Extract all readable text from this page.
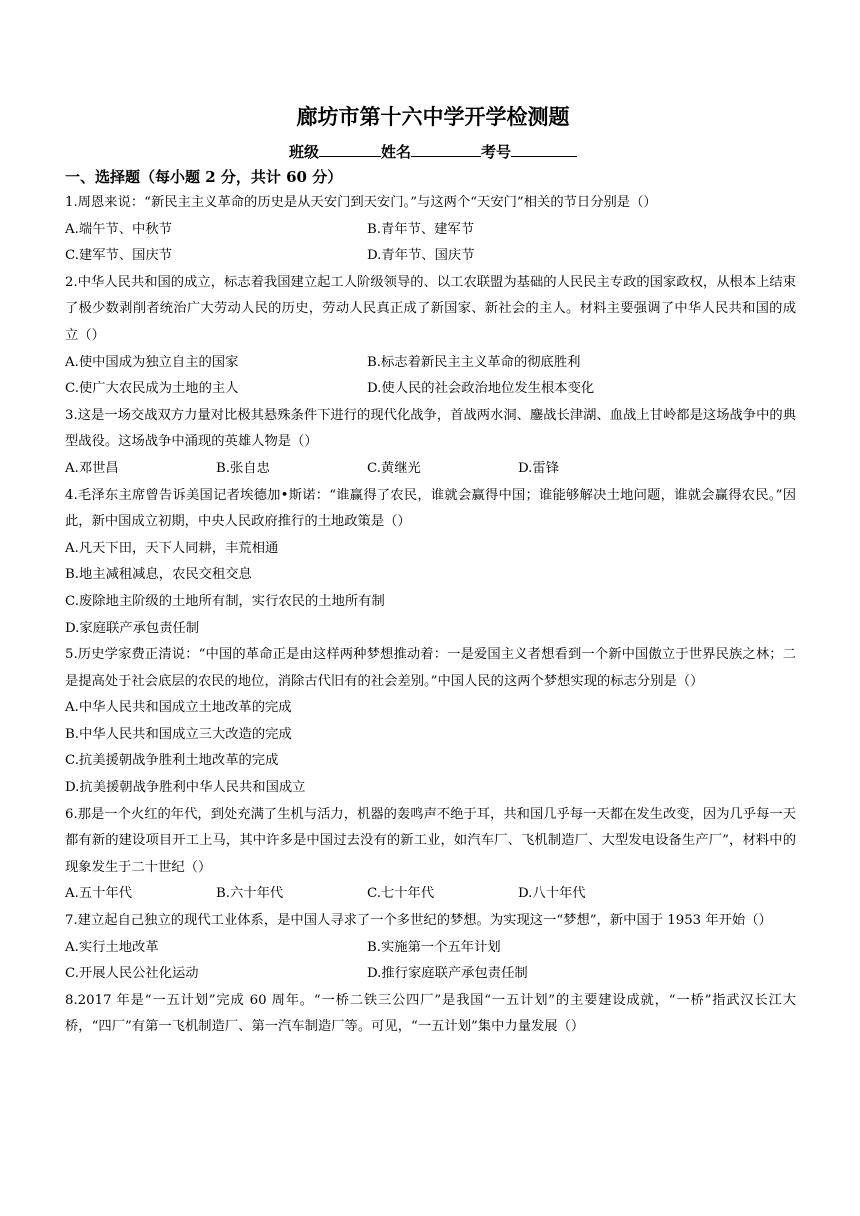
廊坊市第十六中学开学检测题
班级	姓名	考号
一、选择题（每小题 2 分，共计 60 分）
1.周恩来说：“新民主主义革命的历史是从天安门到天安门。”与这两个“天安门”相关的节日分别是（）
A.端午节、中秋节	B.青年节、建军节
C.建军节、国庆节	D.青年节、国庆节
2.中华人民共和国的成立，标志着我国建立起工人阶级领导的、以工农联盟为基础的人民民主专政的国家政权，从根本上结束了极少数剥削者统治广大劳动人民的历史，劳动人民真正成了新国家、新社会的主人。材料主要强调了中华人民共和国的成立（）
A.使中国成为独立自主的国家	B.标志着新民主主义革命的彻底胜利
C.使广大农民成为土地的主人	D.使人民的社会政治地位发生根本变化
3.这是一场交战双方力量对比极其悬殊条件下进行的现代化战争，首战两水洞、鏖战长津湖、血战上甘岭都是这场战争中的典型战役。这场战争中涌现的英雄人物是（）
A.邓世昌	B.张自忠	C.黄继光	D.雷锋
4.毛泽东主席曾告诉美国记者埃德加•斯诺：“谁赢得了农民，谁就会赢得中国；谁能够解决土地问题，谁就会赢得农民。”因此，新中国成立初期，中央人民政府推行的土地政策是（）
A.凡天下田，天下人同耕，丰荒相通
B.地主减租减息，农民交租交息
C.废除地主阶级的土地所有制，实行农民的土地所有制
D.家庭联产承包责任制
5.历史学家费正清说：“中国的革命正是由这样两种梦想推动着：一是爱国主义者想看到一个新中国傲立于世界民族之林；二是提高处于社会底层的农民的地位，消除古代旧有的社会差别。”中国人民的这两个梦想实现的标志分别是（）
A.中华人民共和国成立土地改革的完成
B.中华人民共和国成立三大改造的完成
C.抗美援朝战争胜利土地改革的完成
D.抗美援朝战争胜利中华人民共和国成立
6.那是一个火红的年代，到处充满了生机与活力，机器的轰鸣声不绝于耳，共和国几乎每一天都在发生改变，因为几乎每一天都有新的建设项目开工上马，其中许多是中国过去没有的新工业，如汽车厂、飞机制造厂、大型发电设备生产厂”，材料中的现象发生于二十世纪（）
A.五十年代	B.六十年代	C.七十年代	D.八十年代
7.建立起自己独立的现代工业体系，是中国人寻求了一个多世纪的梦想。为实现这一“梦想”，新中国于 1953 年开始（）
A.实行土地改革	B.实施第一个五年计划
C.开展人民公社化运动	D.推行家庭联产承包责任制
8.2017 年是“一五计划”完成 60 周年。“一桥二铁三公四厂”是我国“一五计划”的主要建设成就，“一桥”指武汉长江大桥，“四厂”有第一飞机制造厂、第一汽车制造厂等。可见，“一五计划”集中力量发展（）
